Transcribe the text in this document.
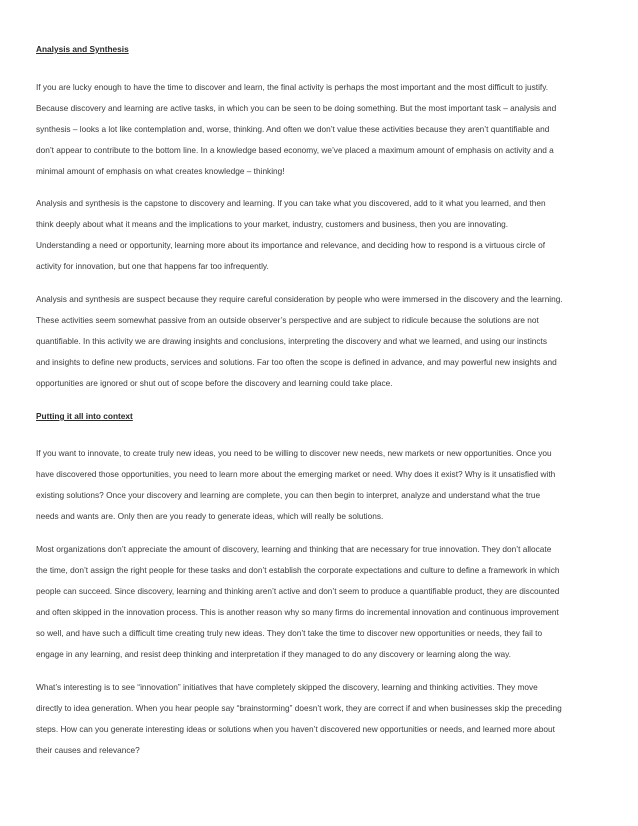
Analysis and Synthesis
If you are lucky enough to have the time to discover and learn, the final activity is perhaps the most important and the most difficult to justify.
Because discovery and learning are active tasks, in which you can be seen to be doing something. But the most important task – analysis and
synthesis – looks a lot like contemplation and, worse, thinking. And often we don’t value these activities because they aren’t quantifiable and
don’t appear to contribute to the bottom line. In a knowledge based economy, we’ve placed a maximum amount of emphasis on activity and a
minimal amount of emphasis on what creates knowledge – thinking!
Analysis and synthesis is the capstone to discovery and learning. If you can take what you discovered, add to it what you learned, and then
think deeply about what it means and the implications to your market, industry, customers and business, then you are innovating.
Understanding a need or opportunity, learning more about its importance and relevance, and deciding how to respond is a virtuous circle of
activity for innovation, but one that happens far too infrequently.
Analysis and synthesis are suspect because they require careful consideration by people who were immersed in the discovery and the learning.
These activities seem somewhat passive from an outside observer’s perspective and are subject to ridicule because the solutions are not
quantifiable. In this activity we are drawing insights and conclusions, interpreting the discovery and what we learned, and using our instincts
and insights to define new products, services and solutions. Far too often the scope is defined in advance, and may powerful new insights and
opportunities are ignored or shut out of scope before the discovery and learning could take place.
Putting it all into context
If you want to innovate, to create truly new ideas, you need to be willing to discover new needs, new markets or new opportunities. Once you
have discovered those opportunities, you need to learn more about the emerging market or need. Why does it exist? Why is it unsatisfied with
existing solutions? Once your discovery and learning are complete, you can then begin to interpret, analyze and understand what the true
needs and wants are. Only then are you ready to generate ideas, which will really be solutions.
Most organizations don’t appreciate the amount of discovery, learning and thinking that are necessary for true innovation. They don’t allocate
the time, don’t assign the right people for these tasks and don’t establish the corporate expectations and culture to define a framework in which
people can succeed. Since discovery, learning and thinking aren’t active and don’t seem to produce a quantifiable product, they are discounted
and often skipped in the innovation process. This is another reason why so many firms do incremental innovation and continuous improvement
so well, and have such a difficult time creating truly new ideas. They don’t take the time to discover new opportunities or needs, they fail to
engage in any learning, and resist deep thinking and interpretation if they managed to do any discovery or learning along the way.
What’s interesting is to see “innovation” initiatives that have completely skipped the discovery, learning and thinking activities. They move
directly to idea generation. When you hear people say “brainstorming” doesn’t work, they are correct if and when businesses skip the preceding
steps. How can you generate interesting ideas or solutions when you haven’t discovered new opportunities or needs, and learned more about
their causes and relevance?
